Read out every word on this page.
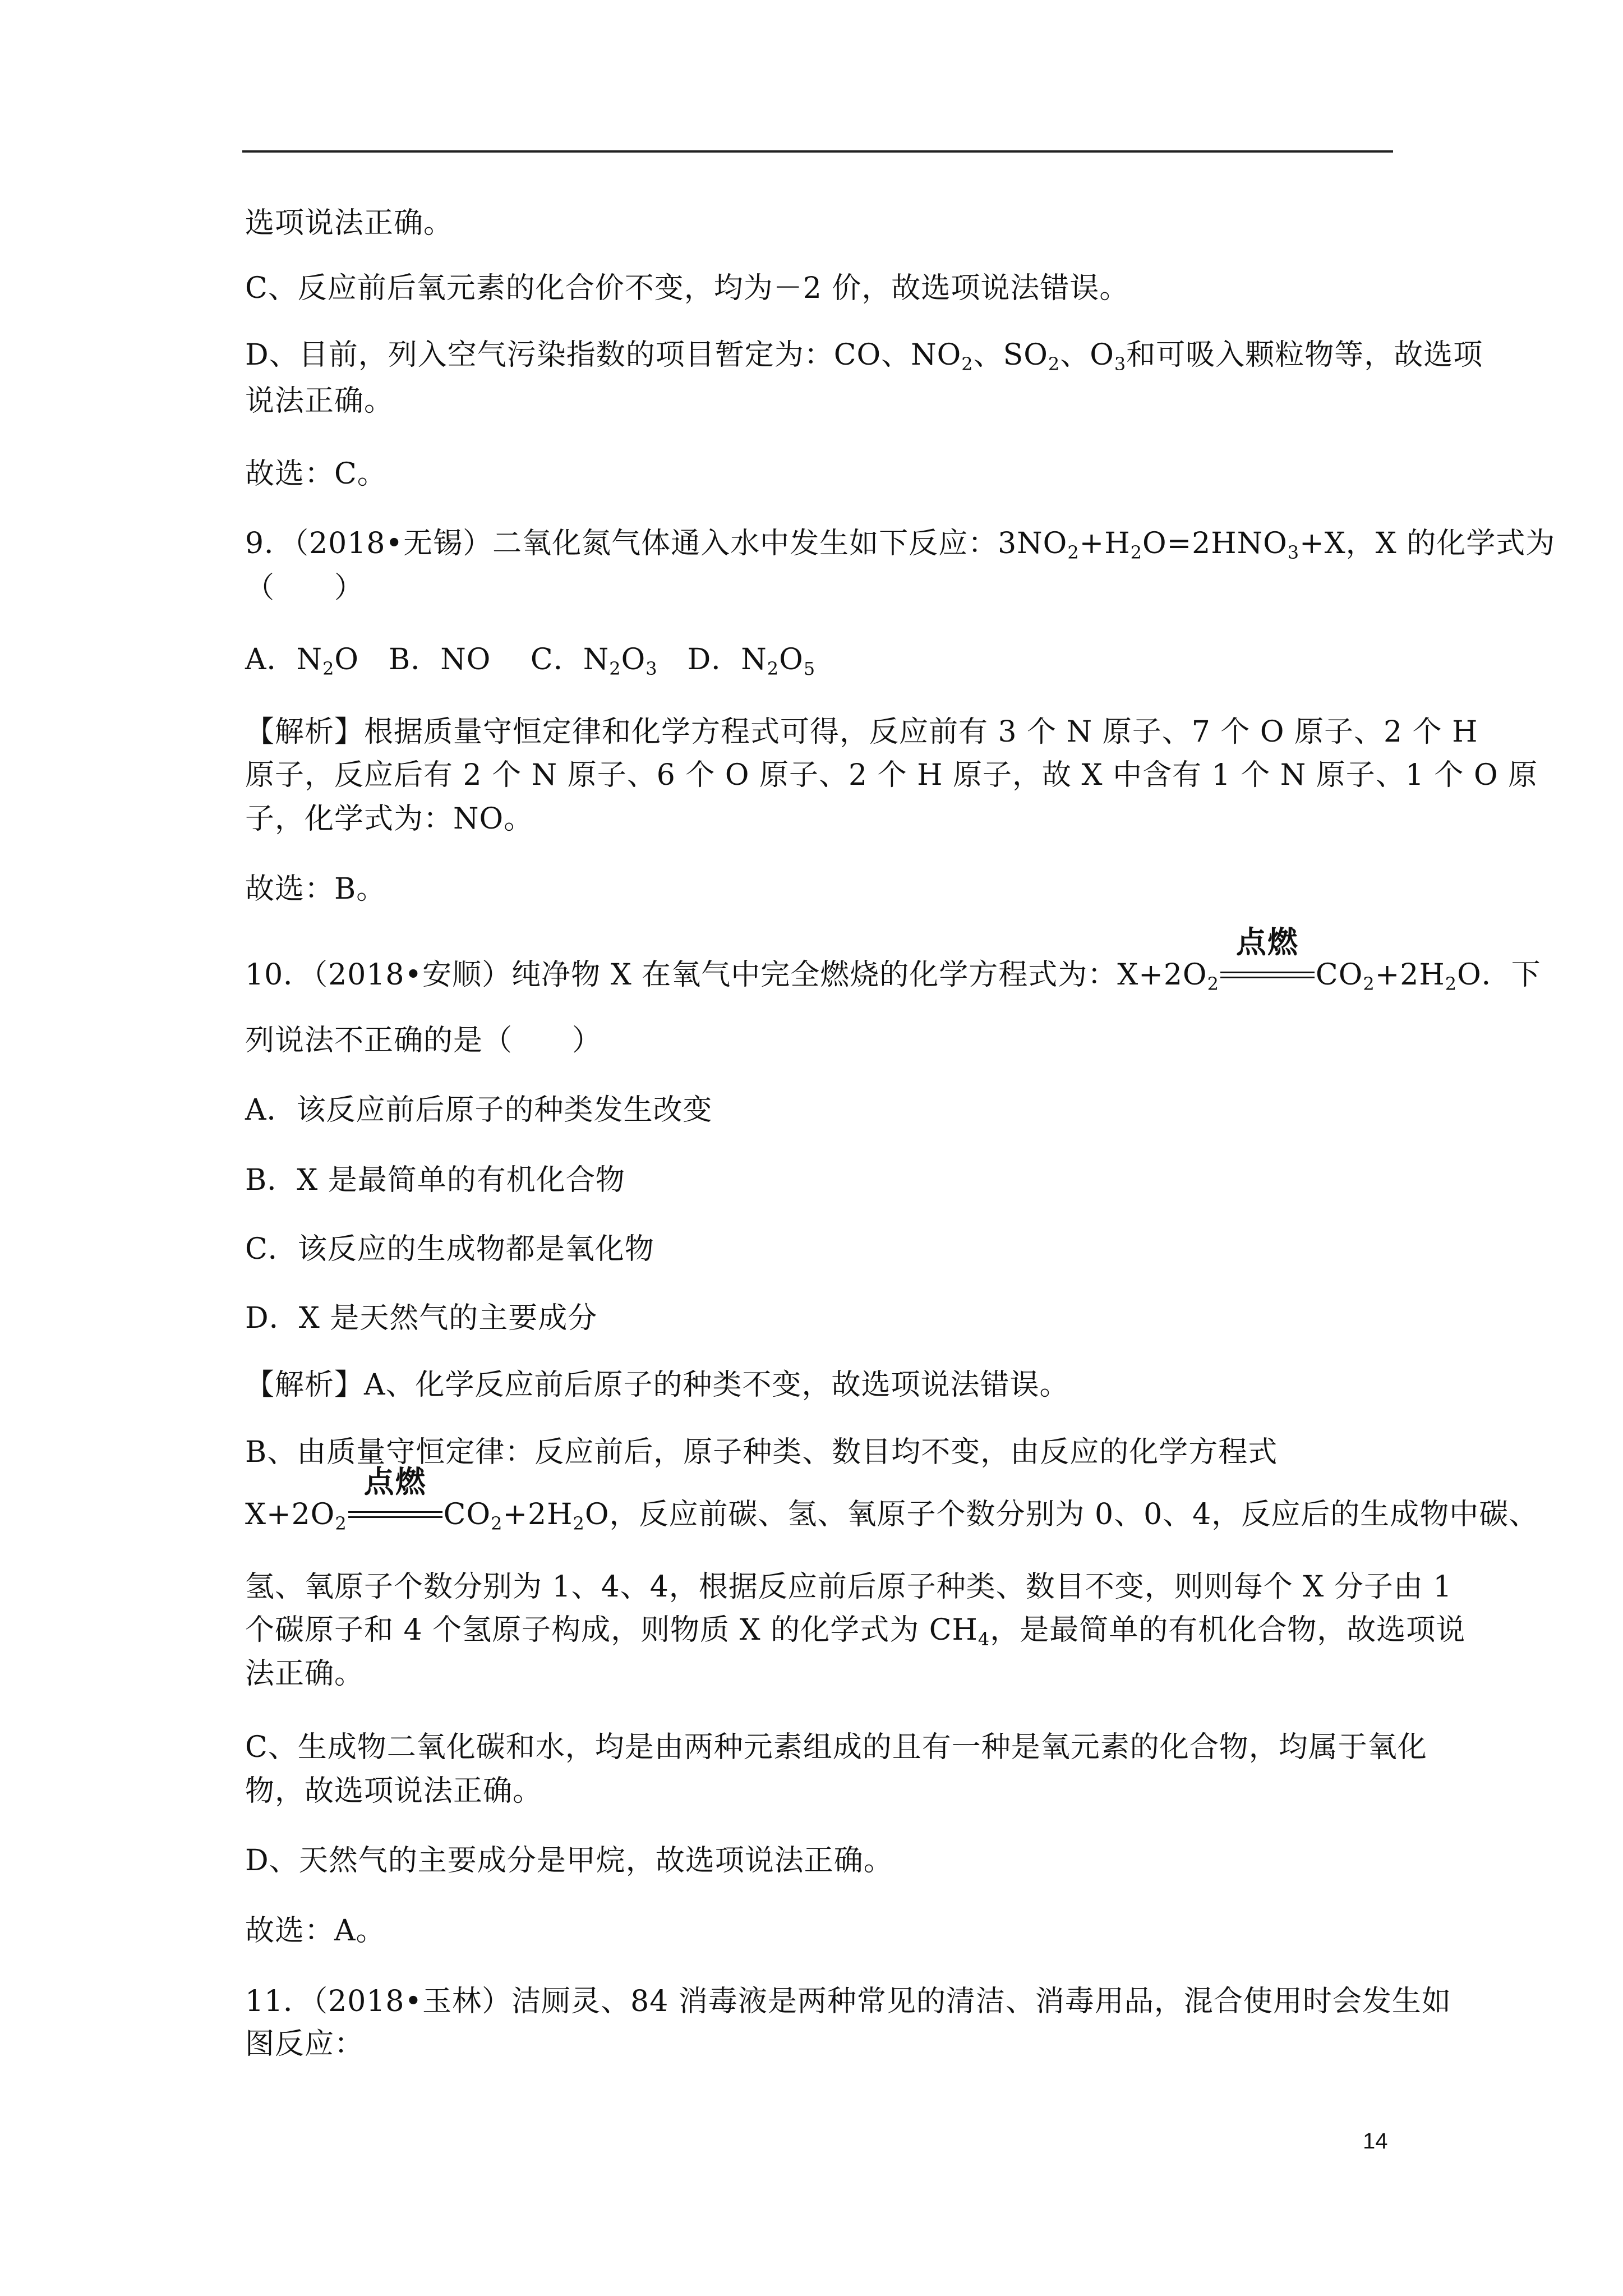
选项说法正确。
C、反应前后氧元素的化合价不变，均为－2 价，故选项说法错误。
D、目前，列入空气污染指数的项目暂定为：CO、$NO_2$、$SO_2$、$O_3$和可吸入颗粒物等，故选项
说法正确。
故选：C。
9．（2018•无锡）二氧化氮气体通入水中发生如下反应：$3NO_2+H_2O=2HNO_3+X$，X 的化学式为
（　　）
A．$N_2O$　B．NO　 C．$N_2O_3$　D．$N_2O_5$
【解析】根据质量守恒定律和化学方程式可得，反应前有 3 个 N 原子、7 个 O 原子、2 个 H
原子，反应后有 2 个 N 原子、6 个 O 原子、2 个 H 原子，故 X 中含有 1 个 N 原子、1 个 O 原
子，化学式为：NO。
故选：B。
10．（2018•安顺）纯净物 X 在氧气中完全燃烧的化学方程式为：$X+2O_2$
点燃
$CO_2+2H_2O$．下
列说法不正确的是（　　）
A．该反应前后原子的种类发生改变
B．X 是最简单的有机化合物
C．该反应的生成物都是氧化物
D．X 是天然气的主要成分
【解析】A、化学反应前后原子的种类不变，故选项说法错误。
B、由质量守恒定律：反应前后，原子种类、数目均不变，由反应的化学方程式
$X+2O_2$
点燃
$CO_2+2H_2O$，反应前碳、氢、氧原子个数分别为 0、0、4，反应后的生成物中碳、
氢、氧原子个数分别为 1、4、4，根据反应前后原子种类、数目不变，则则每个 X 分子由 1
个碳原子和 4 个氢原子构成，则物质 X 的化学式为 $CH_4$，是最简单的有机化合物，故选项说
法正确。
C、生成物二氧化碳和水，均是由两种元素组成的且有一种是氧元素的化合物，均属于氧化
物，故选项说法正确。
D、天然气的主要成分是甲烷，故选项说法正确。
故选：A。
11．（2018•玉林）洁厕灵、84 消毒液是两种常见的清洁、消毒用品，混合使用时会发生如
图反应：
14
